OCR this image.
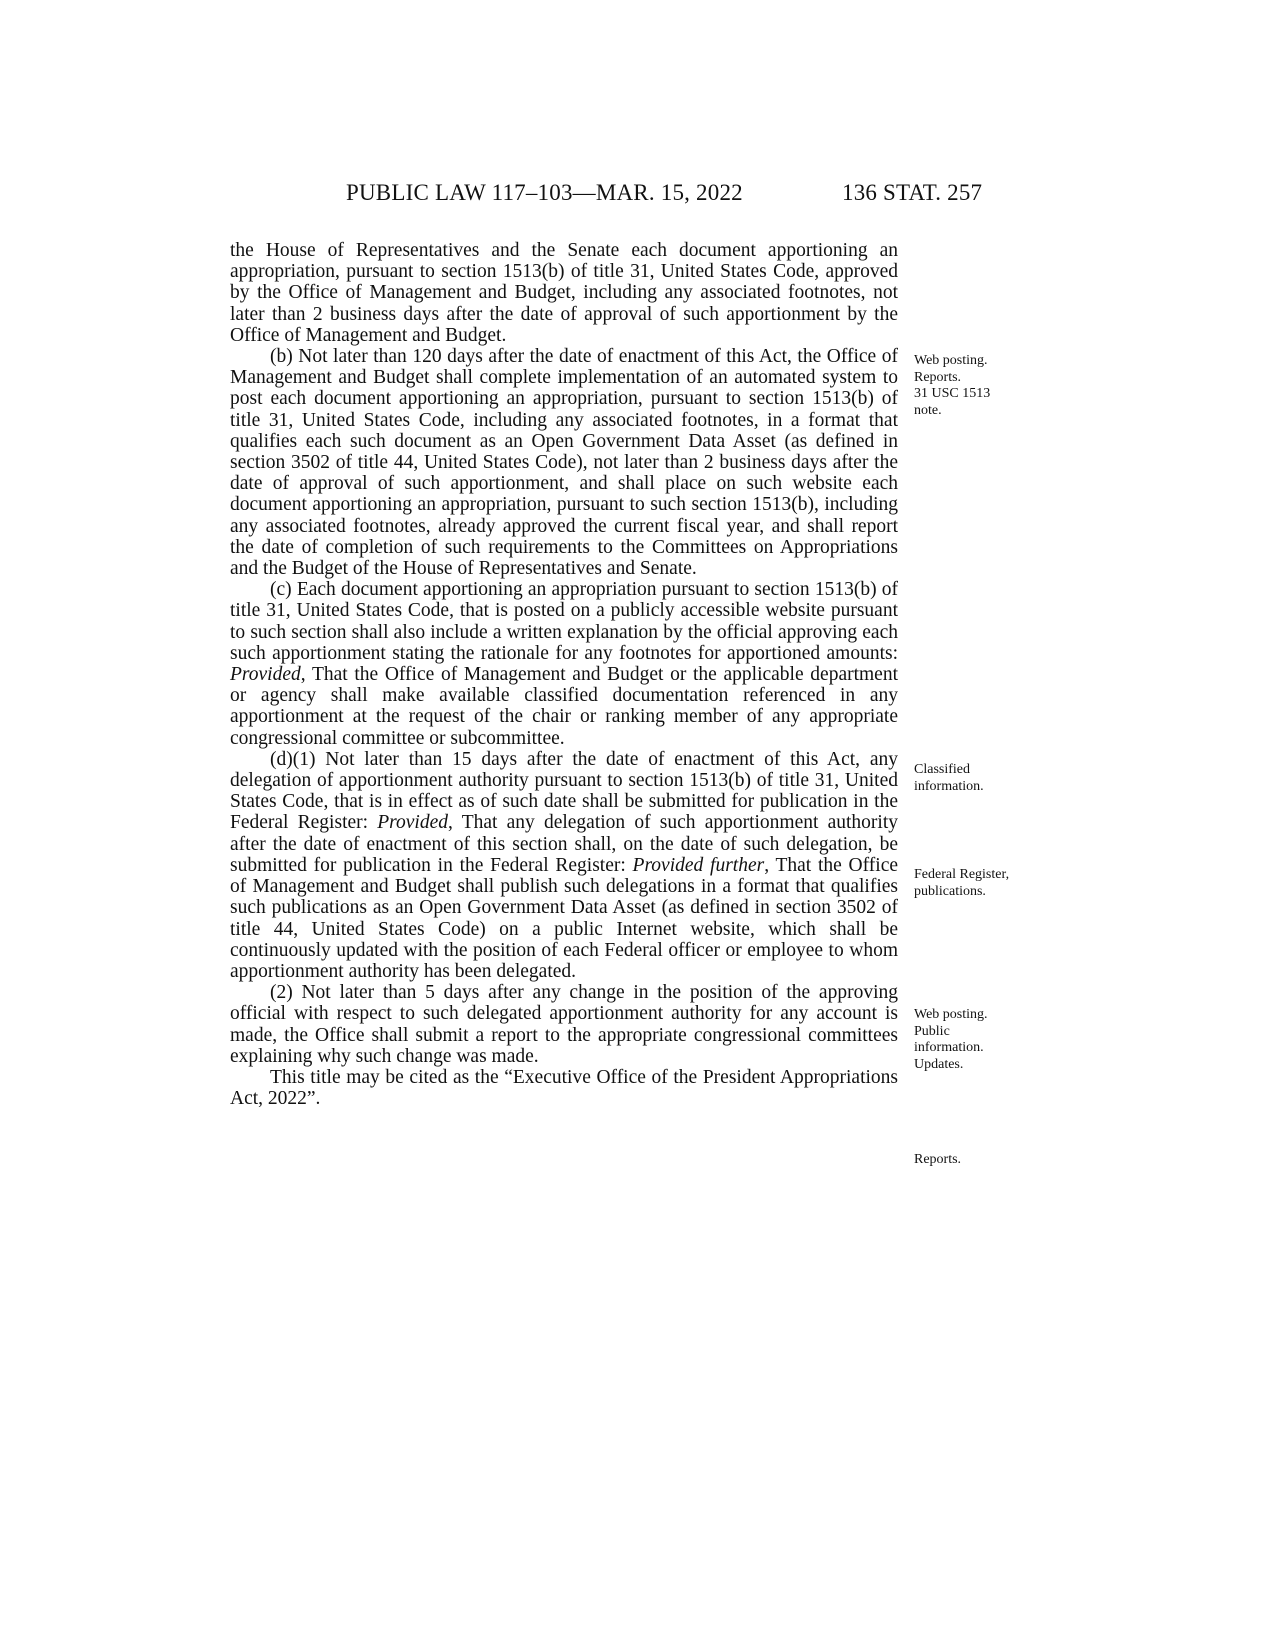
PUBLIC LAW 117–103—MAR. 15, 2022	136 STAT. 257

the House of Representatives and the Senate each document apportioning an appropriation, pursuant to section 1513(b) of title 31, United States Code, approved by the Office of Management and Budget, including any associated footnotes, not later than 2 business days after the date of approval of such apportionment by the Office of Management and Budget.

(b) Not later than 120 days after the date of enactment of this Act, the Office of Management and Budget shall complete implementation of an automated system to post each document apportioning an appropriation, pursuant to section 1513(b) of title 31, United States Code, including any associated footnotes, in a format that qualifies each such document as an Open Government Data Asset (as defined in section 3502 of title 44, United States Code), not later than 2 business days after the date of approval of such apportionment, and shall place on such website each document apportioning an appropriation, pursuant to such section 1513(b), including any associated footnotes, already approved the current fiscal year, and shall report the date of completion of such requirements to the Committees on Appropriations and the Budget of the House of Representatives and Senate.

(c) Each document apportioning an appropriation pursuant to section 1513(b) of title 31, United States Code, that is posted on a publicly accessible website pursuant to such section shall also include a written explanation by the official approving each such apportionment stating the rationale for any footnotes for apportioned amounts: Provided, That the Office of Management and Budget or the applicable department or agency shall make available classified documentation referenced in any apportionment at the request of the chair or ranking member of any appropriate congressional committee or subcommittee.

(d)(1) Not later than 15 days after the date of enactment of this Act, any delegation of apportionment authority pursuant to section 1513(b) of title 31, United States Code, that is in effect as of such date shall be submitted for publication in the Federal Register: Provided, That any delegation of such apportionment authority after the date of enactment of this section shall, on the date of such delegation, be submitted for publication in the Federal Register: Provided further, That the Office of Management and Budget shall publish such delegations in a format that qualifies such publications as an Open Government Data Asset (as defined in section 3502 of title 44, United States Code) on a public Internet website, which shall be continuously updated with the position of each Federal officer or employee to whom apportionment authority has been delegated.

(2) Not later than 5 days after any change in the position of the approving official with respect to such delegated apportionment authority for any account is made, the Office shall submit a report to the appropriate congressional committees explaining why such change was made.

This title may be cited as the “Executive Office of the President Appropriations Act, 2022”.

Web posting.
Reports.
31 USC 1513
note.
Classified
information.
Federal Register,
publications.
Web posting.
Public
information.
Updates.
Reports.
